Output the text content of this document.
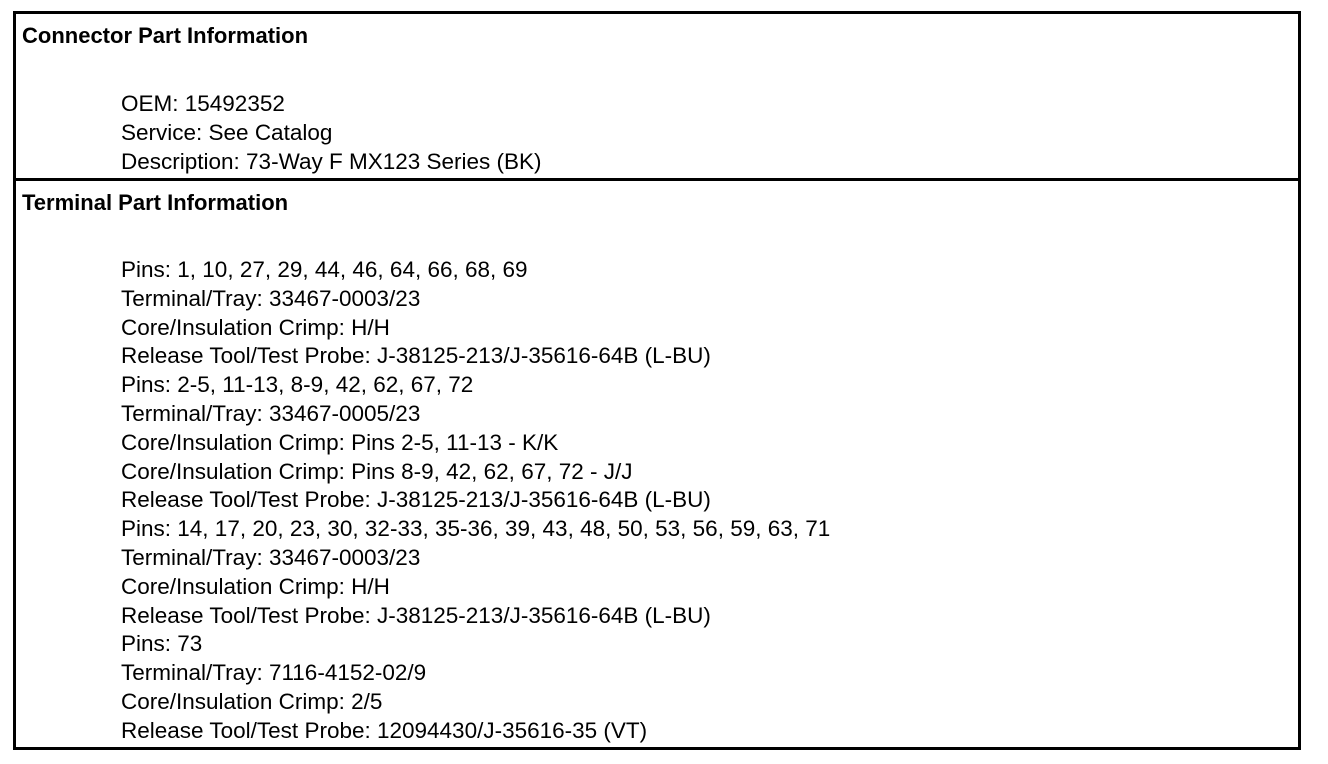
Connector Part Information
OEM: 15492352
Service: See Catalog
Description: 73-Way F MX123 Series (BK)
Terminal Part Information
Pins: 1, 10, 27, 29, 44, 46, 64, 66, 68, 69
Terminal/Tray: 33467-0003/23
Core/Insulation Crimp: H/H
Release Tool/Test Probe: J-38125-213/J-35616-64B (L-BU)
Pins: 2-5, 11-13, 8-9, 42, 62, 67, 72
Terminal/Tray: 33467-0005/23
Core/Insulation Crimp: Pins 2-5, 11-13 - K/K
Core/Insulation Crimp: Pins 8-9, 42, 62, 67, 72 - J/J
Release Tool/Test Probe: J-38125-213/J-35616-64B (L-BU)
Pins: 14, 17, 20, 23, 30, 32-33, 35-36, 39, 43, 48, 50, 53, 56, 59, 63, 71
Terminal/Tray: 33467-0003/23
Core/Insulation Crimp: H/H
Release Tool/Test Probe: J-38125-213/J-35616-64B (L-BU)
Pins: 73
Terminal/Tray: 7116-4152-02/9
Core/Insulation Crimp: 2/5
Release Tool/Test Probe: 12094430/J-35616-35 (VT)
